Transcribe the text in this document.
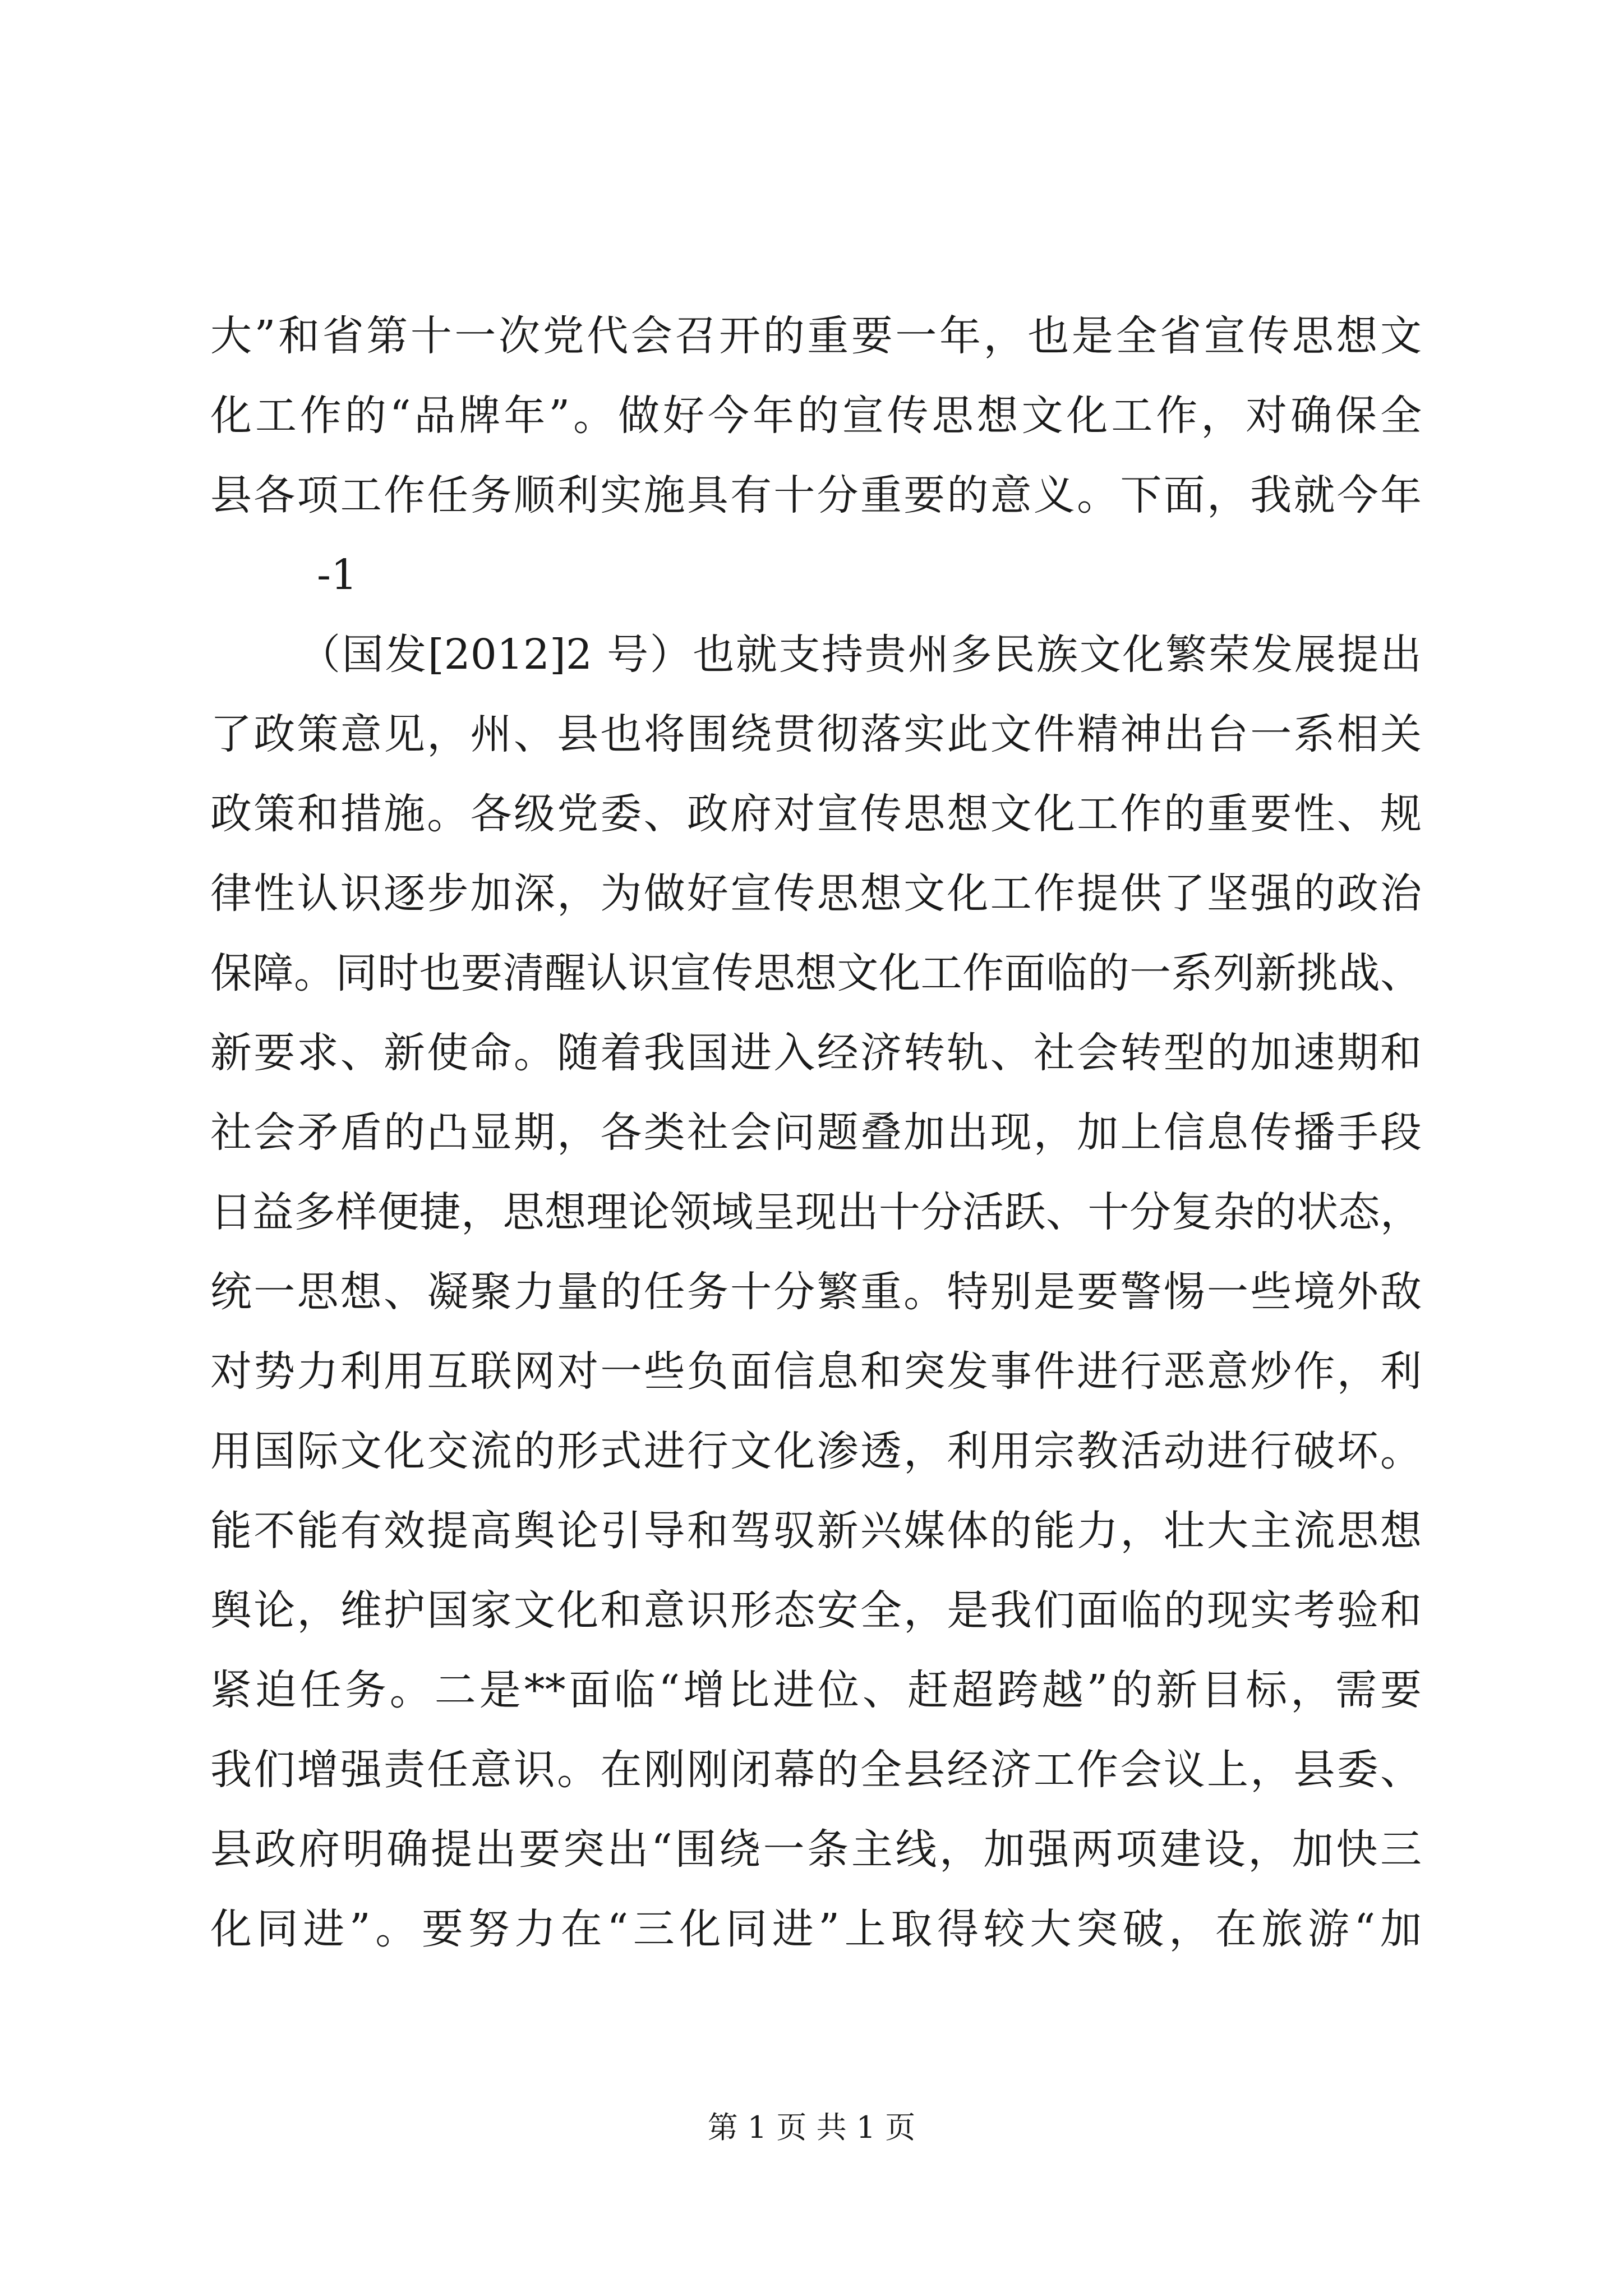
大”和省第十一次党代会召开的重要一年，也是全省宣传思想文
化工作的“品牌年”。做好今年的宣传思想文化工作，对确保全
县各项工作任务顺利实施具有十分重要的意义。下面，我就今年
-1
（国发[2012]2 号）也就支持贵州多民族文化繁荣发展提出
了政策意见，州、县也将围绕贯彻落实此文件精神出台一系相关
政策和措施。各级党委、政府对宣传思想文化工作的重要性、规
律性认识逐步加深，为做好宣传思想文化工作提供了坚强的政治
保障。同时也要清醒认识宣传思想文化工作面临的一系列新挑战、
新要求、新使命。随着我国进入经济转轨、社会转型的加速期和
社会矛盾的凸显期，各类社会问题叠加出现，加上信息传播手段
日益多样便捷，思想理论领域呈现出十分活跃、十分复杂的状态，
统一思想、凝聚力量的任务十分繁重。特别是要警惕一些境外敌
对势力利用互联网对一些负面信息和突发事件进行恶意炒作，利
用国际文化交流的形式进行文化渗透，利用宗教活动进行破坏。
能不能有效提高舆论引导和驾驭新兴媒体的能力，壮大主流思想
舆论，维护国家文化和意识形态安全，是我们面临的现实考验和
紧迫任务。二是**面临“增比进位、赶超跨越”的新目标，需要
我们增强责任意识。在刚刚闭幕的全县经济工作会议上，县委、
县政府明确提出要突出“围绕一条主线，加强两项建设，加快三
化同进”。要努力在“三化同进”上取得较大突破，在旅游“加
第 1 页 共 1 页
